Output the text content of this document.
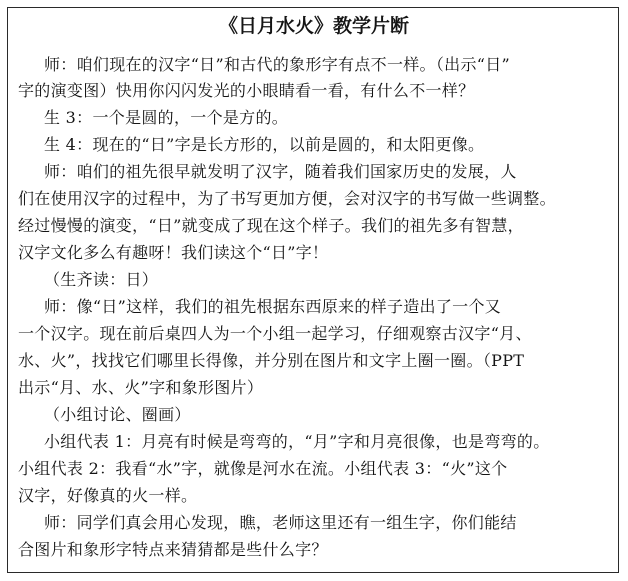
《日月水火》教学片断
师：咱们现在的汉字“日”和古代的象形字有点不一样。（出示“日”
字的演变图）快用你闪闪发光的小眼睛看一看，有什么不一样？
生 3：一个是圆的，一个是方的。
生 4：现在的“日”字是长方形的，以前是圆的，和太阳更像。
师：咱们的祖先很早就发明了汉字，随着我们国家历史的发展，人
们在使用汉字的过程中，为了书写更加方便，会对汉字的书写做一些调整。
经过慢慢的演变，“日”就变成了现在这个样子。我们的祖先多有智慧，
汉字文化多么有趣呀！我们读这个“日”字！
（生齐读：日）
师：像“日”这样，我们的祖先根据东西原来的样子造出了一个又
一个汉字。现在前后桌四人为一个小组一起学习，仔细观察古汉字“月、
水、火”，找找它们哪里长得像，并分别在图片和文字上圈一圈。（PPT
出示“月、水、火”字和象形图片）
（小组讨论、圈画）
小组代表 1：月亮有时候是弯弯的，“月”字和月亮很像，也是弯弯的。
小组代表 2：我看“水”字，就像是河水在流。小组代表 3：“火”这个
汉字，好像真的火一样。
师：同学们真会用心发现，瞧，老师这里还有一组生字，你们能结
合图片和象形字特点来猜猜都是些什么字？
